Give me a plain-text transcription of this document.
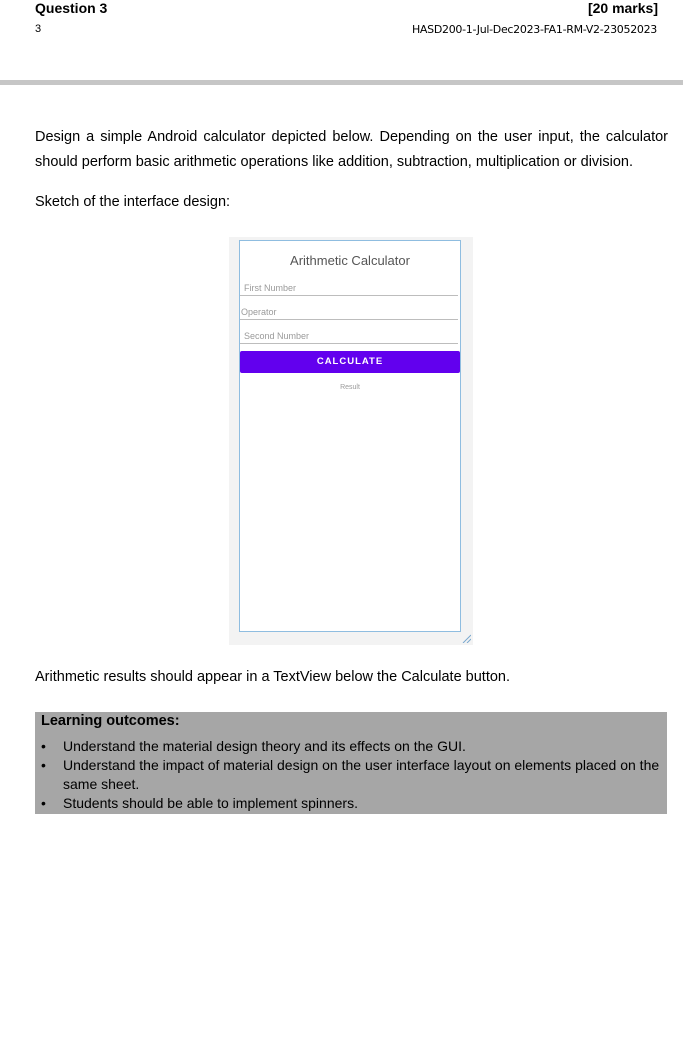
Question 3	[20 marks]
3	HASD200-1-Jul-Dec2023-FA1-RM-V2-23052023
Design a simple Android calculator depicted below. Depending on the user input, the calculator should perform basic arithmetic operations like addition, subtraction, multiplication or division.
Sketch of the interface design:
Arithmetic Calculator
First Number
Operator
Second Number
CALCULATE
Result
Arithmetic results should appear in a TextView below the Calculate button.
Learning outcomes:
• Understand the material design theory and its effects on the GUI.
• Understand the impact of material design on the user interface layout on elements placed on the same sheet.
• Students should be able to implement spinners.
